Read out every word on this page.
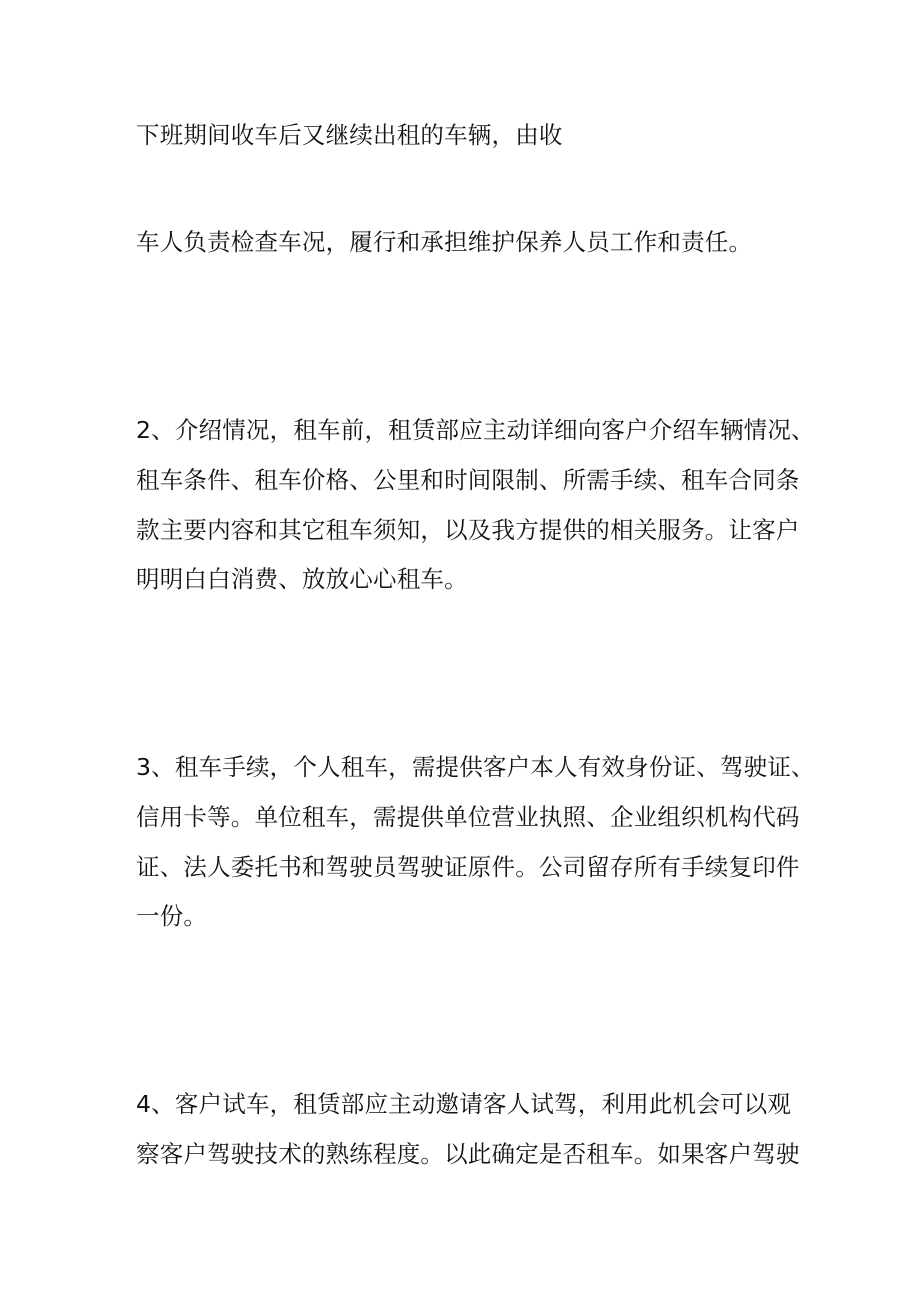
下班期间收车后又继续出租的车辆，由收
车人负责检查车况，履行和承担维护保养人员工作和责任。
2、介绍情况，租车前，租赁部应主动详细向客户介绍车辆情况、
租车条件、租车价格、公里和时间限制、所需手续、租车合同条
款主要内容和其它租车须知，以及我方提供的相关服务。让客户
明明白白消费、放放心心租车。
3、租车手续，个人租车，需提供客户本人有效身份证、驾驶证、
信用卡等。单位租车，需提供单位营业执照、企业组织机构代码
证、法人委托书和驾驶员驾驶证原件。公司留存所有手续复印件
一份。
4、客户试车，租赁部应主动邀请客人试驾，利用此机会可以观
察客户驾驶技术的熟练程度。以此确定是否租车。如果客户驾驶
